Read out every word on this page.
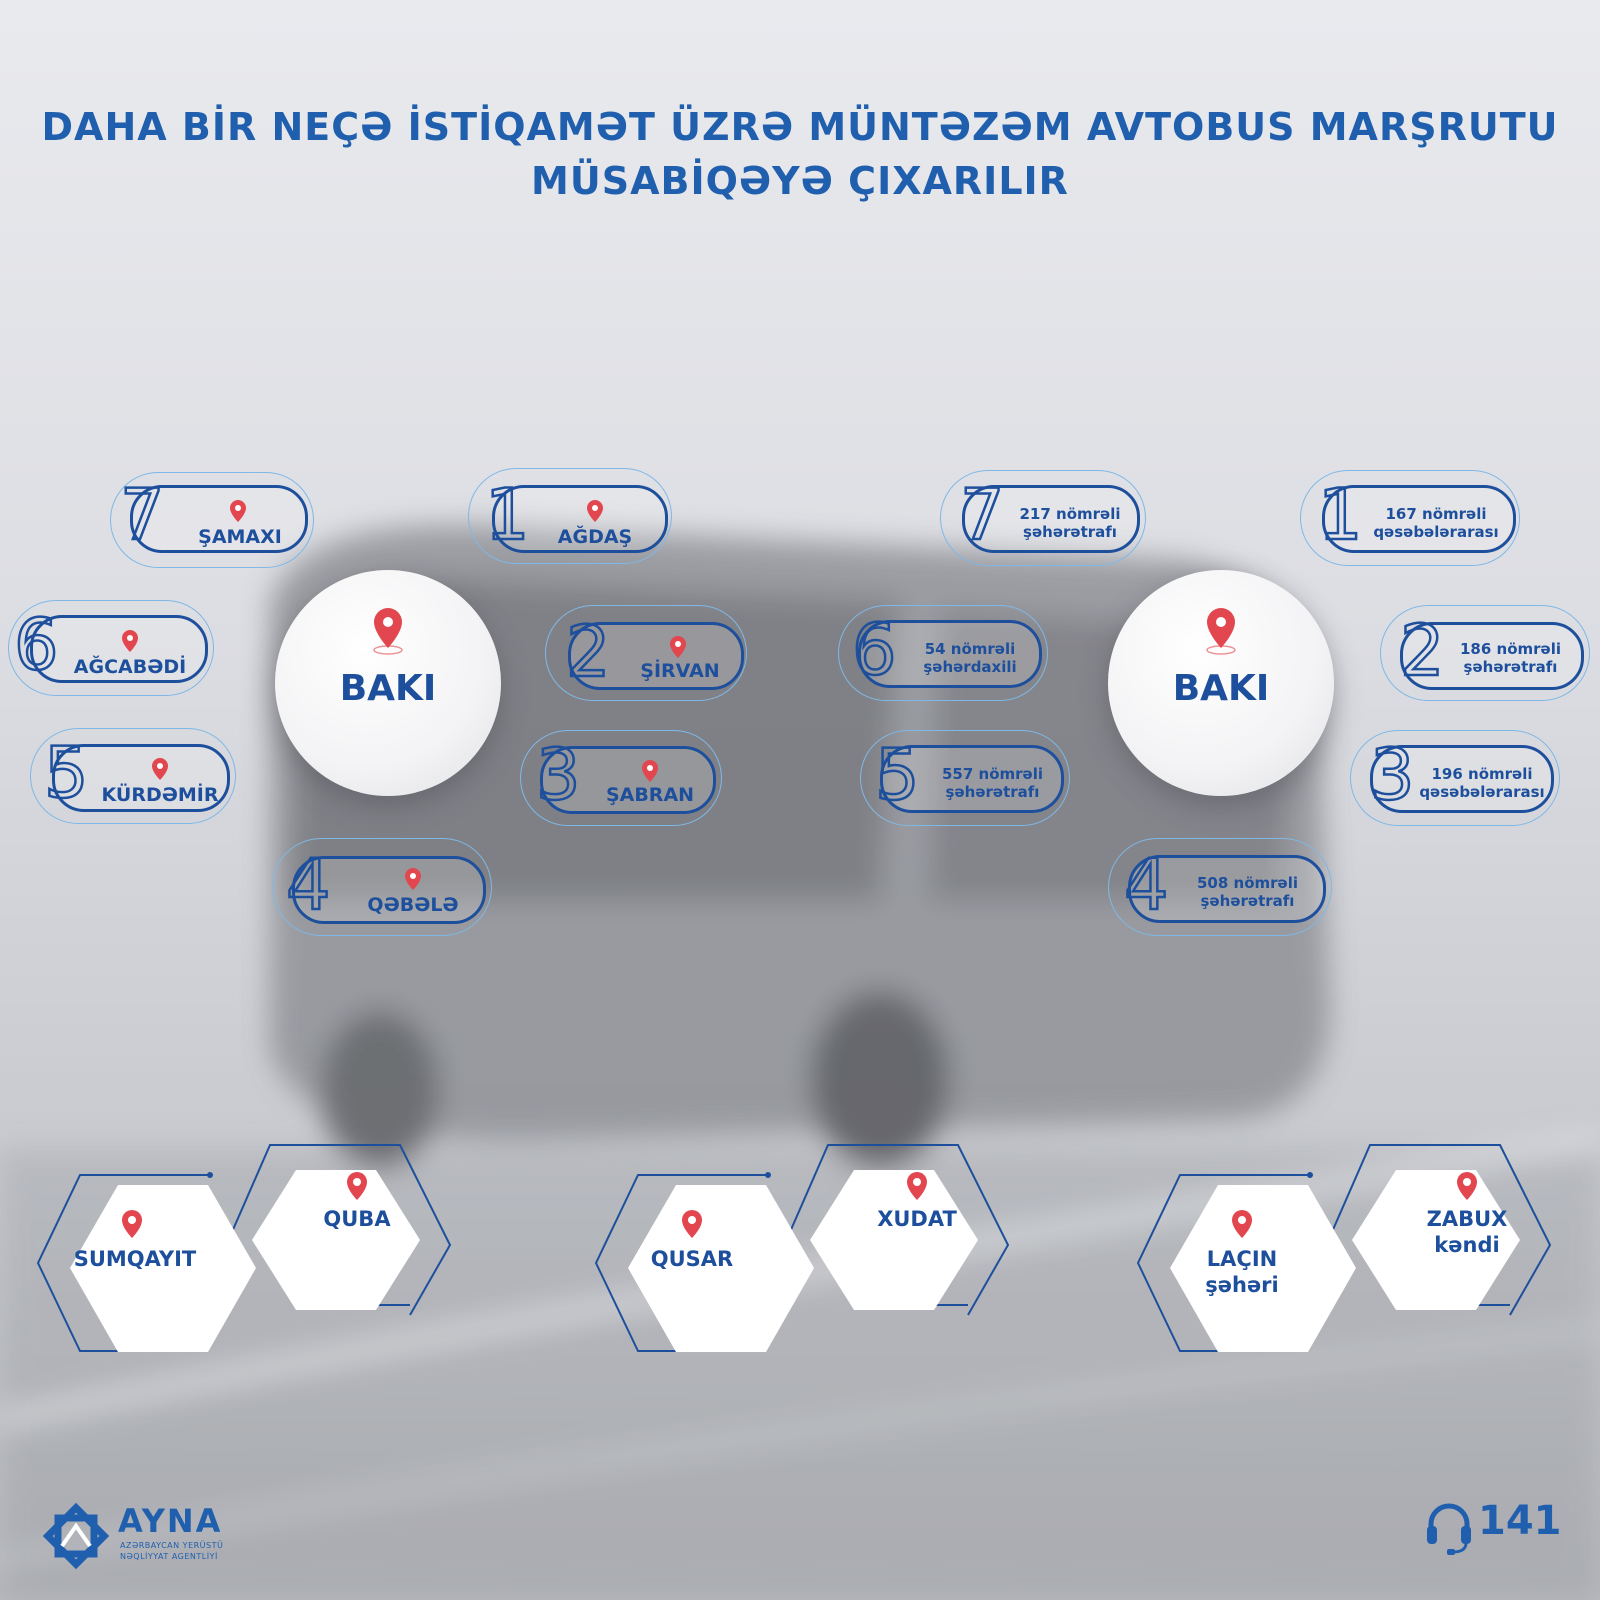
DAHA BİR NEÇƏ İSTİQAMƏT ÜZRƏ MÜNTƏZƏM AVTOBUS MARŞRUTU
MÜSABİQƏYƏ ÇIXARILIR
7	ŞAMAXI	1	AĞDAŞ
6 AĞCABƏDİ	2	ŞİRVAN
5 KÜRDƏMİR	3	ŞABRAN
4	QƏBƏLƏ
BAKI
7 217 nömrəli
şəhərətrafı	1	167 nömrəli
qəsəbələrarası
6	54 nömrəli
şəhərdaxili	2	186 nömrəli
şəhərətrafı
5	557 nömrəli
şəhərətrafı	3	196 nömrəli
qəsəbələrarası
4	508 nömrəli
şəhərətrafı
BAKI
SUMQAYIT
QUBA
QUSAR
XUDAT
LAÇIN
şəhəri
ZABUX
kəndi
AYNA
AZƏRBAYCAN YERÜSTÜ
NƏQLİYYAT AGENTLİYİ
141
